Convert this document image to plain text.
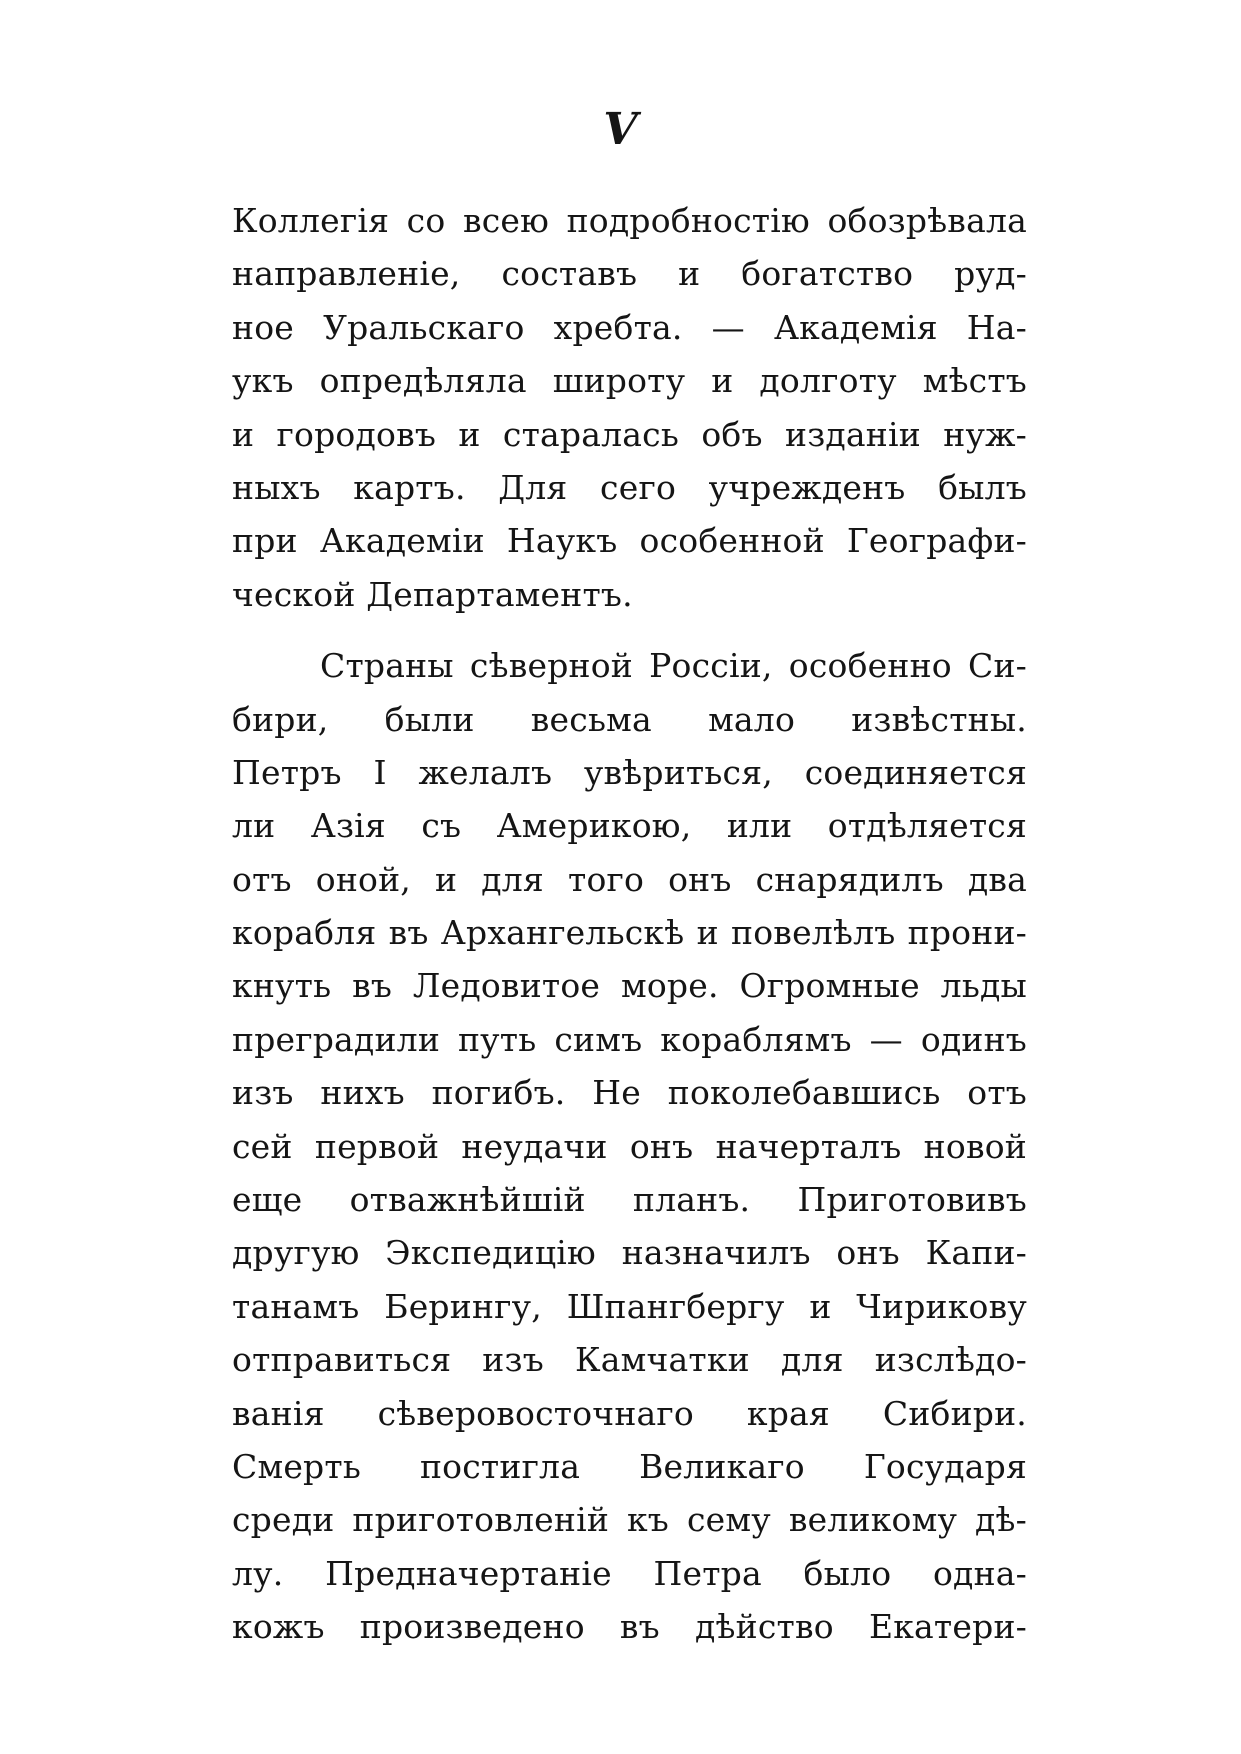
V
Коллегія со всею подробностію обозрѣвала
направленіе, составъ и богатство руд-
ное Уральскаго хребта. — Академія На-
укъ опредѣляла широту и долготу мѣстъ
и городовъ и старалась объ изданіи нуж-
ныхъ картъ. Для сего учрежденъ былъ
при Академіи Наукъ особенной Географи-
ческой Департаментъ.
Страны сѣверной Россіи, особенно Си-
бири, были весьма мало извѣстны.
Петръ I желалъ увѣриться, соединяется
ли Азія съ Америкою, или отдѣляется
отъ оной, и для того онъ снарядилъ два
корабля въ Архангельскѣ и повелѣлъ прони-
кнуть въ Ледовитое море. Огромные льды
преградили путь симъ кораблямъ — одинъ
изъ нихъ погибъ. Не поколебавшись отъ
сей первой неудачи онъ начерталъ новой
еще отважнѣйшій планъ. Приготовивъ
другую Экспедицію назначилъ онъ Капи-
танамъ Берингу, Шпангбергу и Чирикову
отправиться изъ Камчатки для изслѣдо-
ванія сѣверовосточнаго края Сибири.
Смерть постигла Великаго Государя
среди приготовленій къ сему великому дѣ-
лу. Предначертаніе Петра было одна-
кожъ произведено въ дѣйство Екатери-
